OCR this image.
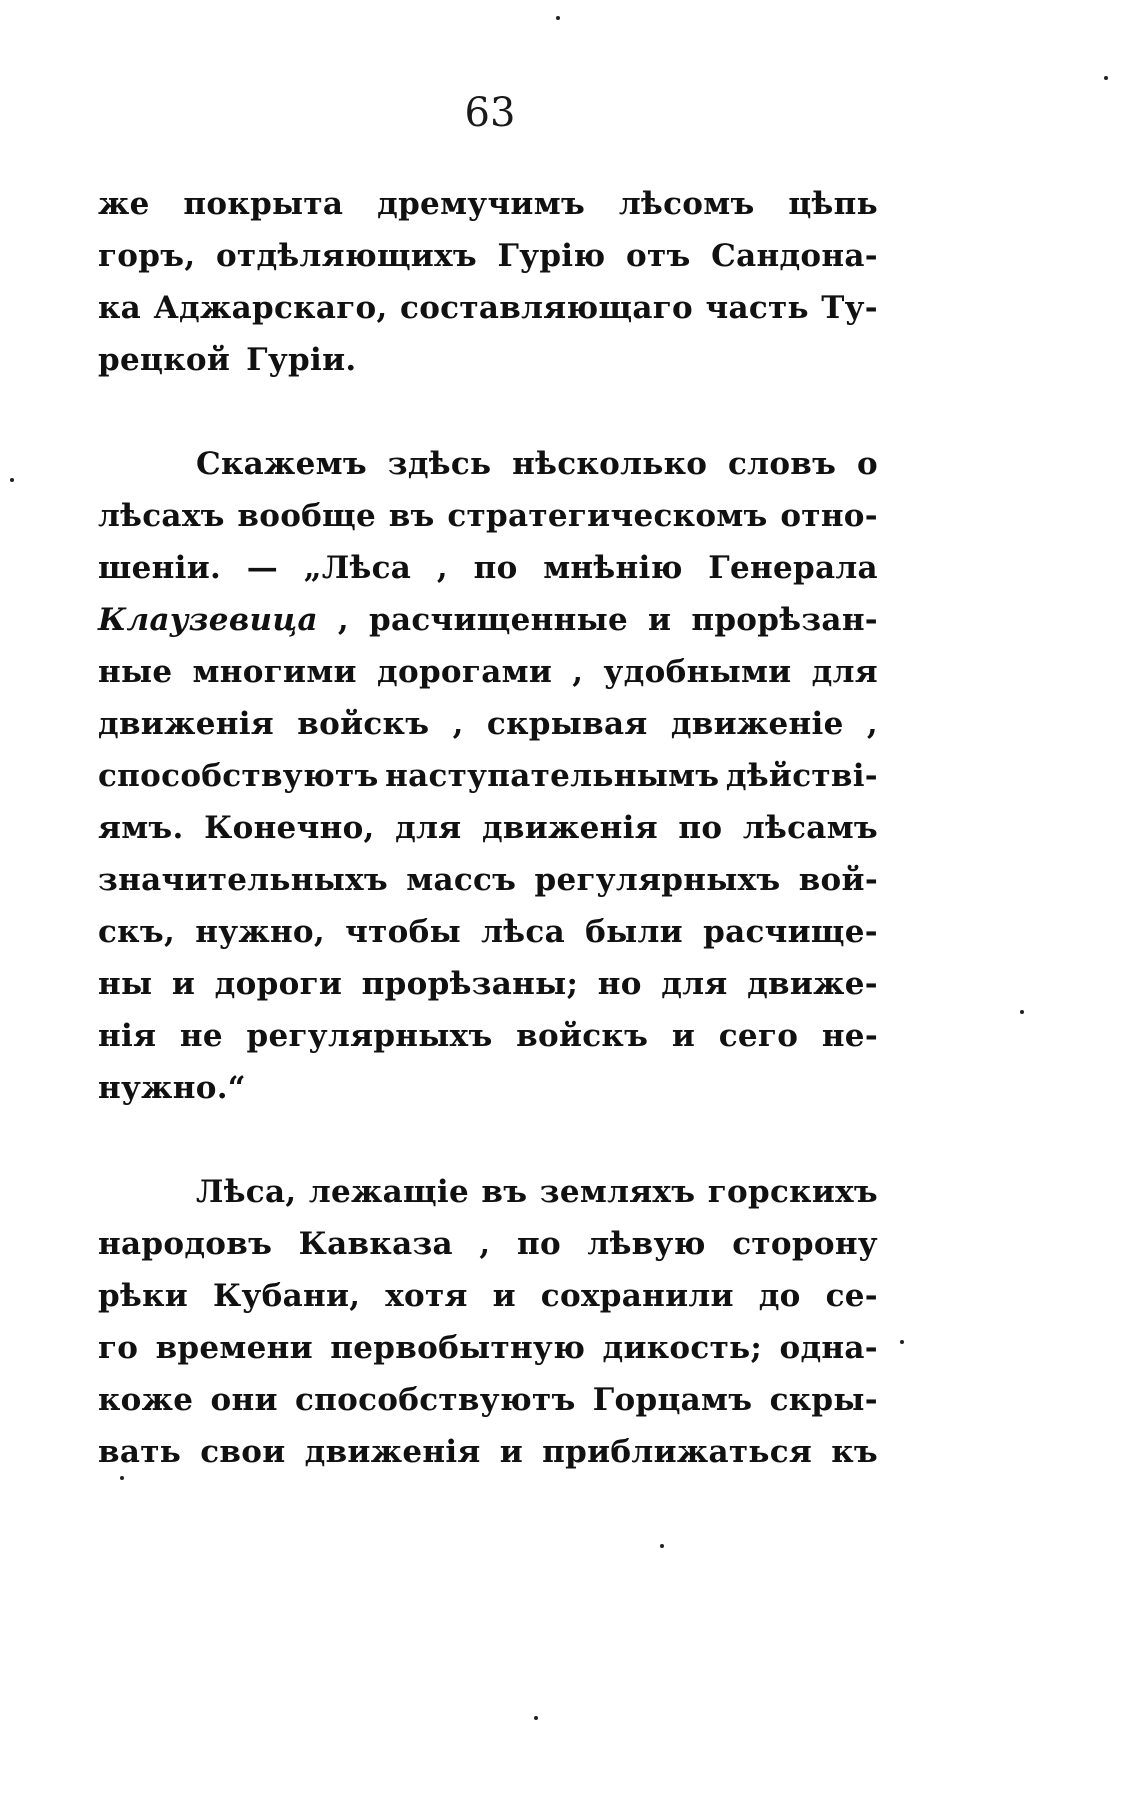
63
же покрыта дремучимъ лѣсомъ цѣпь
горъ, отдѣляющихъ Гурію отъ Сандона-
ка Аджарскаго, составляющаго часть Ту-
рецкой Гуріи.
Скажемъ здѣсь нѣсколько словъ о
лѣсахъ вообще въ стратегическомъ отно-
шеніи. — „Лѣса , по мнѣнію Генерала
Клаузевица , расчищенные и прорѣзан-
ные многими дорогами , удобными для
движенія войскъ , скрывая движеніе ,
способствуютъ наступательнымъ дѣйстві-
ямъ. Конечно, для движенія по лѣсамъ
значительныхъ массъ регулярныхъ вой-
скъ, нужно, чтобы лѣса были расчище-
ны и дороги прорѣзаны; но для движе-
нія не регулярныхъ войскъ и сего не-
нужно.“
Лѣса, лежащіе въ земляхъ горскихъ
народовъ Кавказа , по лѣвую сторону
рѣки Кубани, хотя и сохранили до се-
го времени первобытную дикость; одна-
коже они способствуютъ Горцамъ скры-
вать свои движенія и приближаться къ
